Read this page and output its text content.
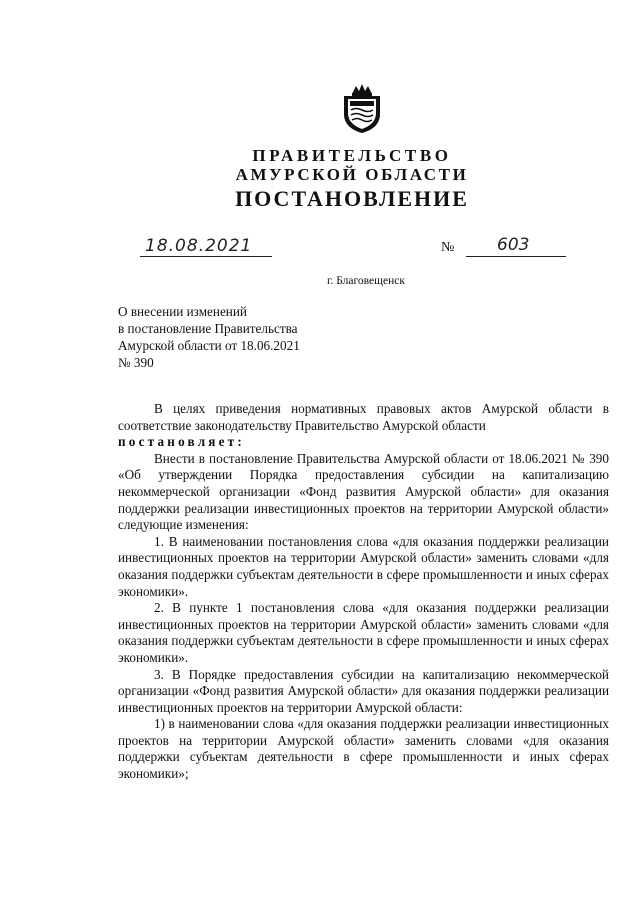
ПРАВИТЕЛЬСТВО
АМУРСКОЙ ОБЛАСТИ
ПОСТАНОВЛЕНИЕ
18.08.2021	№	603
г. Благовещенск
О внесении изменений
в постановление Правительства
Амурской области от 18.06.2021
№ 390

В целях приведения нормативных правовых актов Амурской области в соответствие законодательству Правительство Амурской области

постановляет:

Внести в постановление Правительства Амурской области от 18.06.2021 № 390 «Об утверждении Порядка предоставления субсидии на капитализацию некоммерческой организации «Фонд развития Амурской области» для оказания поддержки реализации инвестиционных проектов на территории Амурской области» следующие изменения:

1. В наименовании постановления слова «для оказания поддержки реализации инвестиционных проектов на территории Амурской области» заменить словами «для оказания поддержки субъектам деятельности в сфере промышленности и иных сферах экономики».

2. В пункте 1 постановления слова «для оказания поддержки реализации инвестиционных проектов на территории Амурской области» заменить словами «для оказания поддержки субъектам деятельности в сфере промышленности и иных сферах экономики».

3. В Порядке предоставления субсидии на капитализацию некоммерческой организации «Фонд развития Амурской области» для оказания поддержки реализации инвестиционных проектов на территории Амурской области:

1) в наименовании слова «для оказания поддержки реализации инвестиционных проектов на территории Амурской области» заменить словами «для оказания поддержки субъектам деятельности в сфере промышленности и иных сферах экономики»;
